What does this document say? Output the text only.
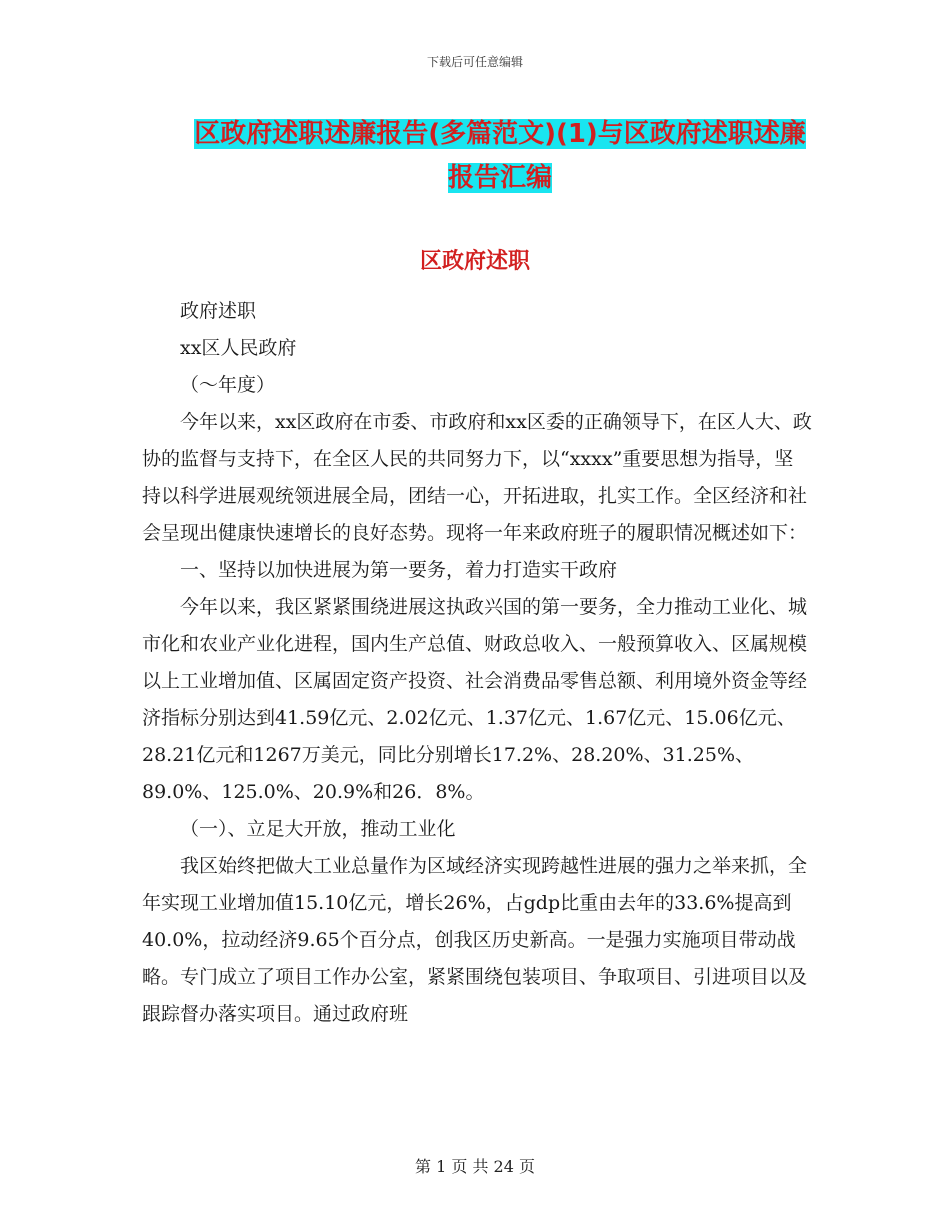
下载后可任意编辑
区政府述职述廉报告(多篇范文)(1)与区政府述职述廉报告汇编
区政府述职

政府述职

xx区人民政府

（～年度）

今年以来，xx区政府在市委、市政府和xx区委的正确领导下，在区人大、政协的监督与支持下，在全区人民的共同努力下，以“xxxx”重要思想为指导，坚持以科学进展观统领进展全局，团结一心，开拓进取，扎实工作。全区经济和社会呈现出健康快速增长的良好态势。现将一年来政府班子的履职情况概述如下：

一、坚持以加快进展为第一要务，着力打造实干政府

今年以来，我区紧紧围绕进展这执政兴国的第一要务，全力推动工业化、城市化和农业产业化进程，国内生产总值、财政总收入、一般预算收入、区属规模以上工业增加值、区属固定资产投资、社会消费品零售总额、利用境外资金等经济指标分别达到41.59亿元、2.02亿元、1.37亿元、1.67亿元、15.06亿元、28.21亿元和1267万美元，同比分别增长17.2%、28.20%、31.25%、89.0%、125.0%、20.9%和26．8%。

（一）、立足大开放，推动工业化

我区始终把做大工业总量作为区域经济实现跨越性进展的强力之举来抓，全年实现工业增加值15.10亿元，增长26%，占gdp比重由去年的33.6%提高到40.0%，拉动经济9.65个百分点，创我区历史新高。一是强力实施项目带动战略。专门成立了项目工作办公室，紧紧围绕包装项目、争取项目、引进项目以及跟踪督办落实项目。通过政府班

第 1 页 共 24 页
